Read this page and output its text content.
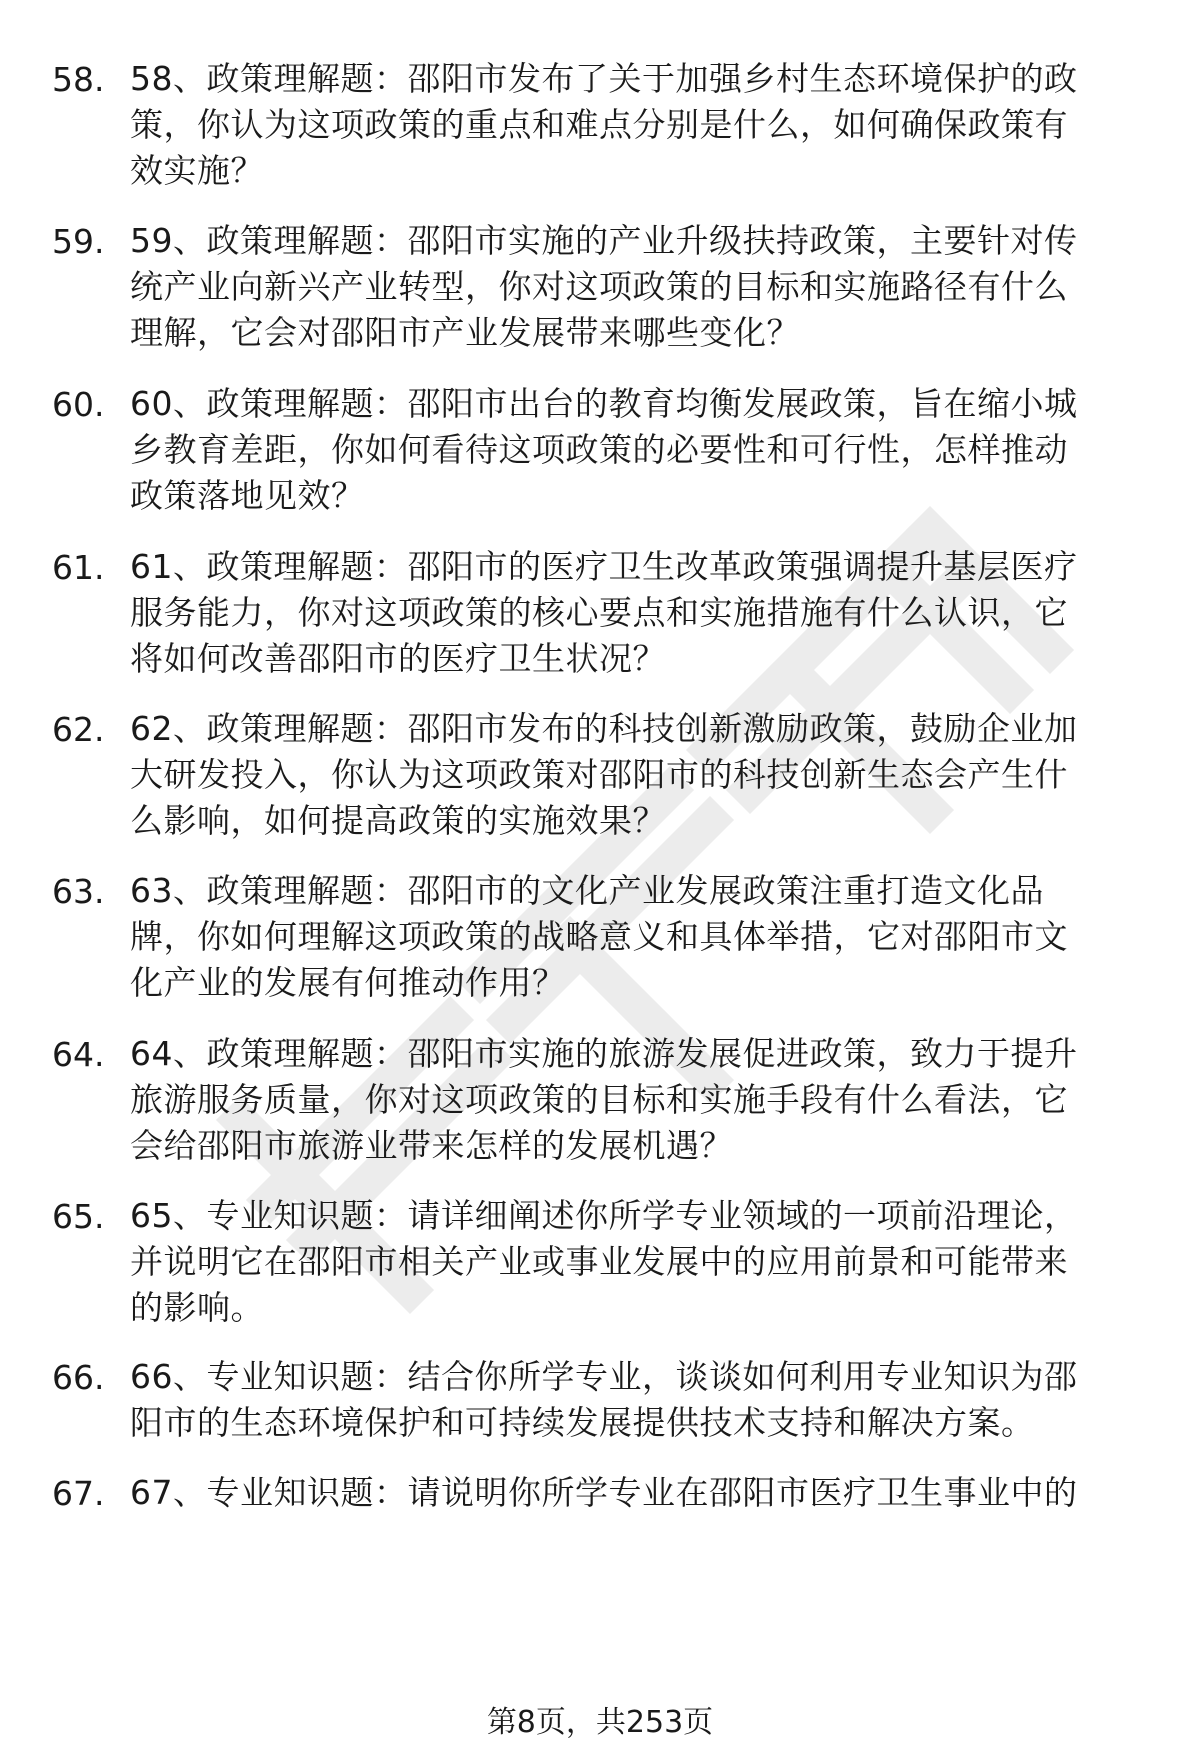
58. 58、政策理解题：邵阳市发布了关于加强乡村生态环境保护的政
策，你认为这项政策的重点和难点分别是什么，如何确保政策有
效实施？
59. 59、政策理解题：邵阳市实施的产业升级扶持政策，主要针对传
统产业向新兴产业转型，你对这项政策的目标和实施路径有什么
理解，它会对邵阳市产业发展带来哪些变化？
60. 60、政策理解题：邵阳市出台的教育均衡发展政策，旨在缩小城
乡教育差距，你如何看待这项政策的必要性和可行性，怎样推动
政策落地见效？
61. 61、政策理解题：邵阳市的医疗卫生改革政策强调提升基层医疗
服务能力，你对这项政策的核心要点和实施措施有什么认识，它
将如何改善邵阳市的医疗卫生状况？
62. 62、政策理解题：邵阳市发布的科技创新激励政策，鼓励企业加
大研发投入，你认为这项政策对邵阳市的科技创新生态会产生什
么影响，如何提高政策的实施效果？
63. 63、政策理解题：邵阳市的文化产业发展政策注重打造文化品
牌，你如何理解这项政策的战略意义和具体举措，它对邵阳市文
化产业的发展有何推动作用？
64. 64、政策理解题：邵阳市实施的旅游发展促进政策，致力于提升
旅游服务质量，你对这项政策的目标和实施手段有什么看法，它
会给邵阳市旅游业带来怎样的发展机遇？
65. 65、专业知识题：请详细阐述你所学专业领域的一项前沿理论，
并说明它在邵阳市相关产业或事业发展中的应用前景和可能带来
的影响。
66. 66、专业知识题：结合你所学专业，谈谈如何利用专业知识为邵
阳市的生态环境保护和可持续发展提供技术支持和解决方案。
67. 67、专业知识题：请说明你所学专业在邵阳市医疗卫生事业中的
第8页，共253页
